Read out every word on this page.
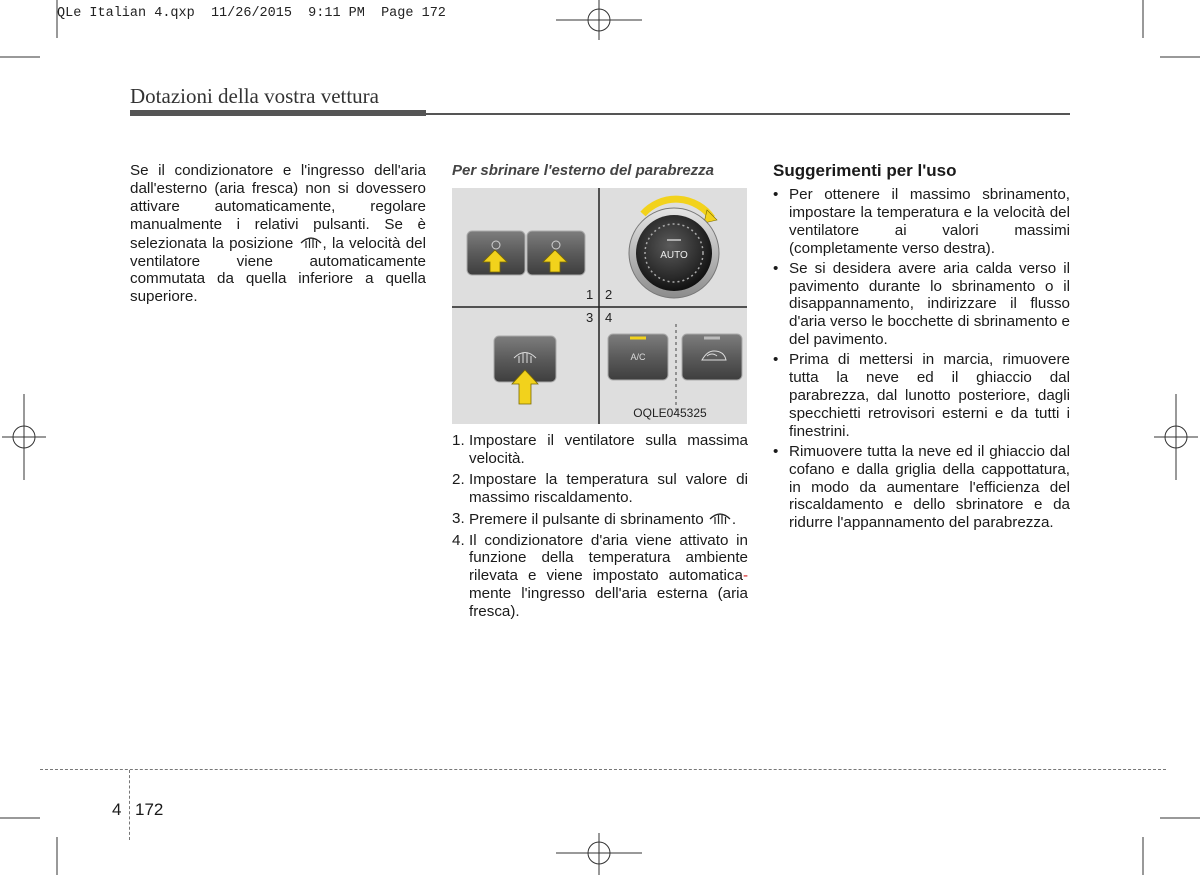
QLe Italian 4.qxp 11/26/2015 9:11 PM Page 172
Dotazioni della vostra vettura
Se il condizionatore e l'ingresso dell'aria dall'esterno (aria fresca) non si dovessero attivare automaticamente, regolare manualmente i relativi pulsanti. Se è selezionata la posizione , la velocità del ventilatore viene automaticamente commutata da quella inferiore a quella superiore.
Per sbrinare l'esterno del parabrezza
AUTO
1 2
3 4
A/C
OQLE045325
1. Impostare il ventilatore sulla massima velocità.
2. Impostare la temperatura sul valore di massimo riscaldamento.
3. Premere il pulsante di sbrinamento .
4. Il condizionatore d'aria viene attivato in funzione della temperatura ambiente rilevata e viene impostato automatica-mente l'ingresso dell'aria esterna (aria fresca).
Suggerimenti per l'uso
• Per ottenere il massimo sbrinamento, impostare la temperatura e la velocità del ventilatore ai valori massimi (completamente verso destra).
• Se si desidera avere aria calda verso il pavimento durante lo sbrinamento o il disappannamento, indirizzare il flusso d'aria verso le bocchette di sbrinamento e del pavimento.
• Prima di mettersi in marcia, rimuovere tutta la neve ed il ghiaccio dal parabrezza, dal lunotto posteriore, dagli specchietti retrovisori esterni e da tutti i finestrini.
• Rimuovere tutta la neve ed il ghiaccio dal cofano e dalla griglia della cappottatura, in modo da aumentare l'efficienza del riscaldamento e dello sbrinatore e da ridurre l'appannamento del parabrezza.
4 172
